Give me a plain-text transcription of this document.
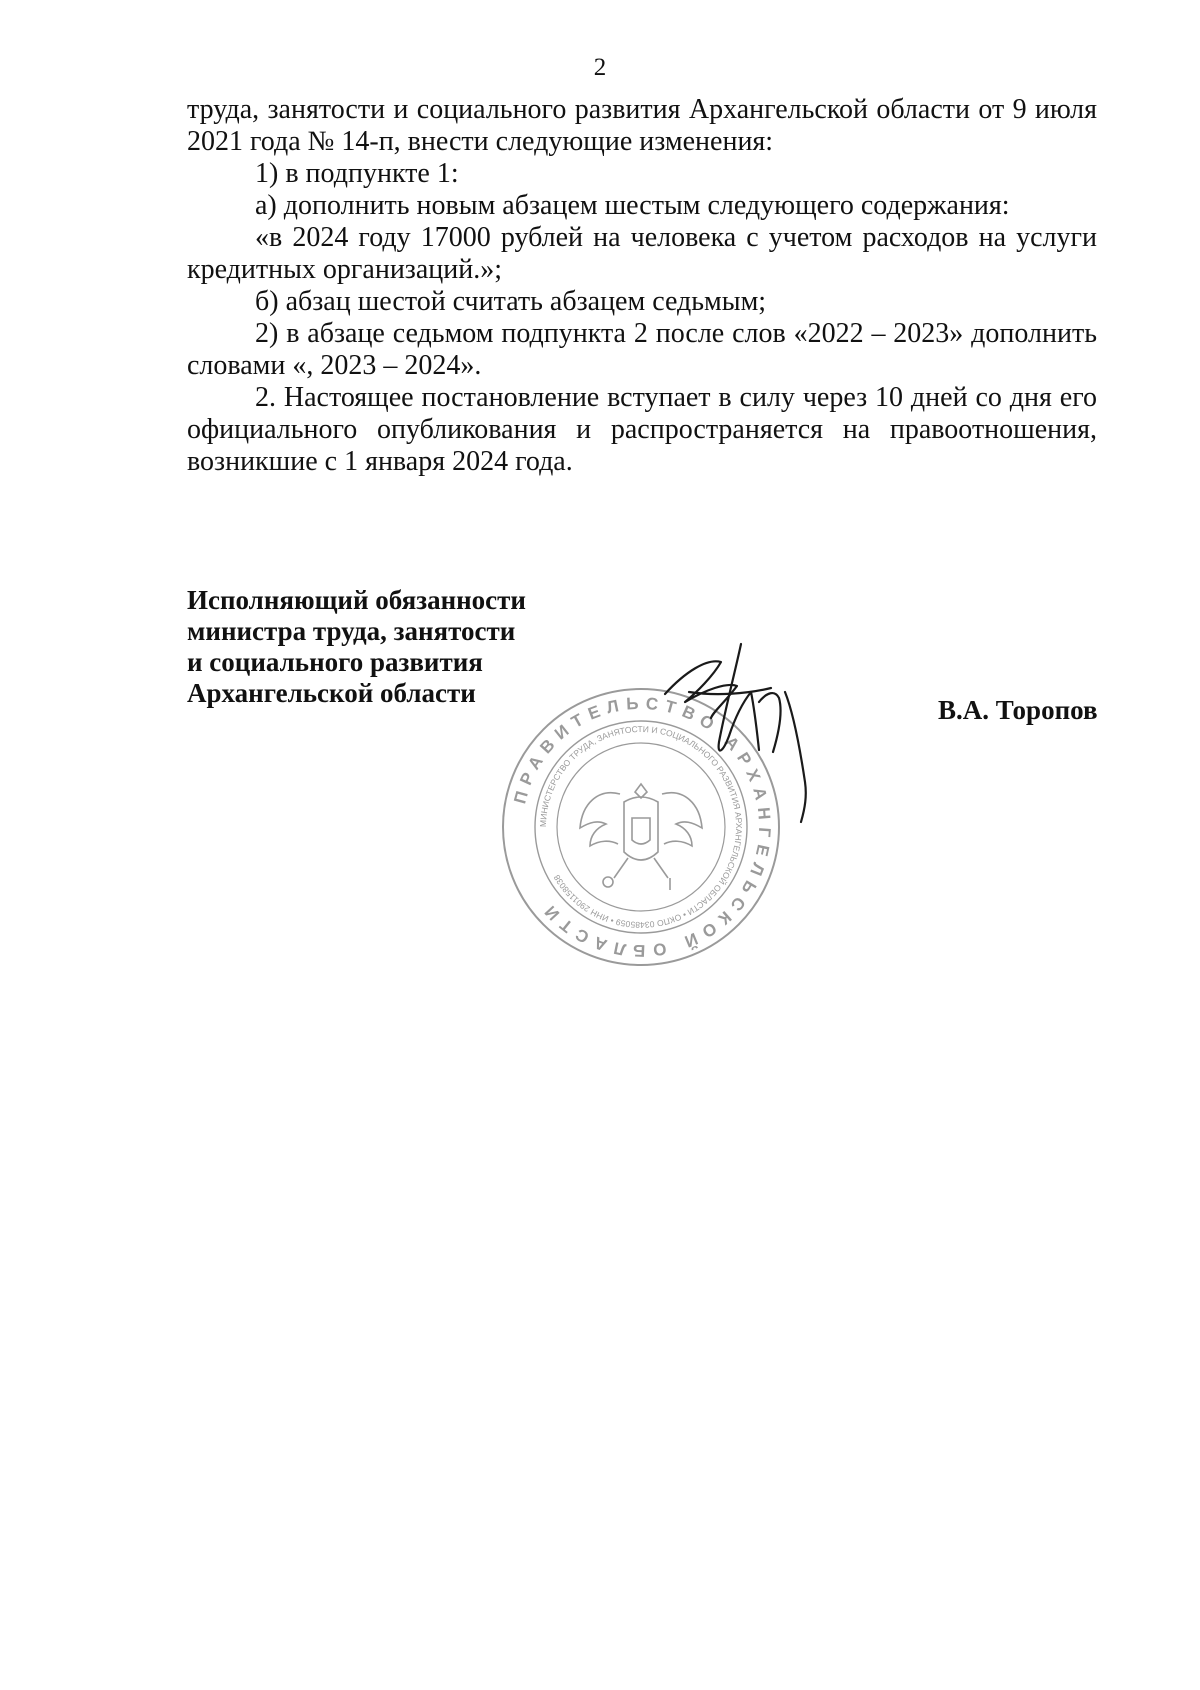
2

труда, занятости и социального развития Архангельской области от 9 июля 2021 года № 14-п, внести следующие изменения:

1) в подпункте 1:

а) дополнить новым абзацем шестым следующего содержания:

«в 2024 году 17000 рублей на человека с учетом расходов на услуги кредитных организаций.»;

б) абзац шестой считать абзацем седьмым;

2) в абзаце седьмом подпункта 2 после слов «2022 – 2023» дополнить словами «, 2023 – 2024».

2. Настоящее постановление вступает в силу через 10 дней со дня его официального опубликования и распространяется на правоотношения, возникшие с 1 января 2024 года.

Исполняющий обязанности
министра труда, занятости
и социального развития
Архангельской области
ПРАВИТЕЛЬСТВО АРХАНГЕЛЬСКОЙ ОБЛАСТИ
МИНИСТЕРСТВО ТРУДА, ЗАНЯТОСТИ И СОЦИАЛЬНОГО РАЗВИТИЯ АРХАНГЕЛЬСКОЙ ОБЛАСТИ • ОКПО 03485059 • ИНН 2901158038
В.А. Торопов
